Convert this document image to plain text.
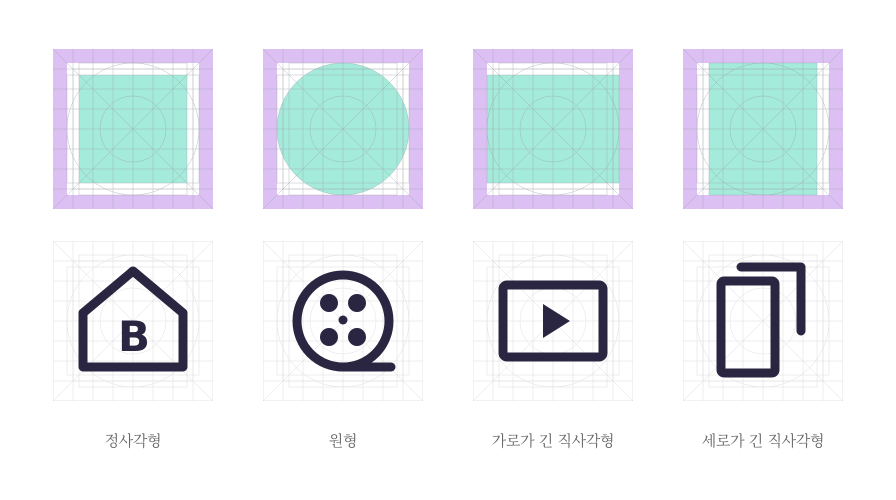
B
정사각형	원형	가로가 긴 직사각형	세로가 긴 직사각형
